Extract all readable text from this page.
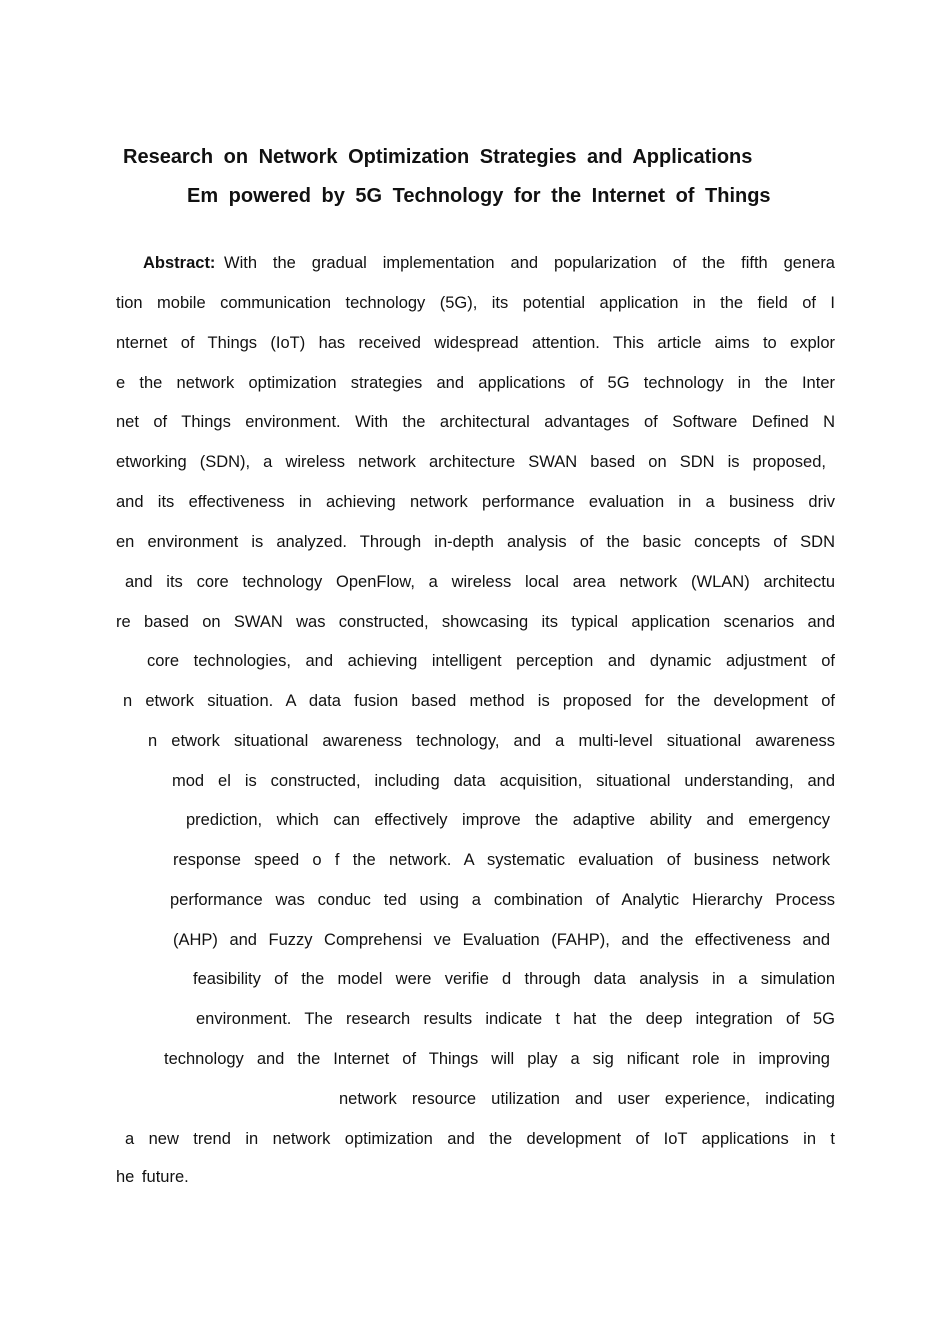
Research on Network Optimization Strategies and Applications
Em powered by 5G Technology for the Internet of Things
Abstract: With the gradual implementation and popularization of the fifth genera
tion mobile communication technology (5G), its potential application in the field of I
nternet of Things (IoT) has received widespread attention. This article aims to explor
e the network optimization strategies and applications of 5G technology in the Inter
net of Things environment. With the architectural advantages of Software Defined N
etworking (SDN), a wireless network architecture SWAN based on SDN is proposed,
and its effectiveness in achieving network performance evaluation in a business driv
en environment is analyzed. Through in-depth analysis of the basic concepts of SDN
and its core technology OpenFlow, a wireless local area network (WLAN) architectu
re based on SWAN was constructed, showcasing its typical application scenarios and
core technologies, and achieving intelligent perception and dynamic adjustment of
n etwork situation. A data fusion based method is proposed for the development of
n etwork situational awareness technology, and a multi-level situational awareness
mod el is constructed, including data acquisition, situational understanding, and
prediction, which can effectively improve the adaptive ability and emergency
response speed o f the network. A systematic evaluation of business network
performance was conduc ted using a combination of Analytic Hierarchy Process
(AHP) and Fuzzy Comprehensi ve Evaluation (FAHP), and the effectiveness and
feasibility of the model were verifie d through data analysis in a simulation
environment. The research results indicate t hat the deep integration of 5G
technology and the Internet of Things will play a sig nificant role in improving
network resource utilization and user experience, indicating
a new trend in network optimization and the development of IoT applications in t
he future.
